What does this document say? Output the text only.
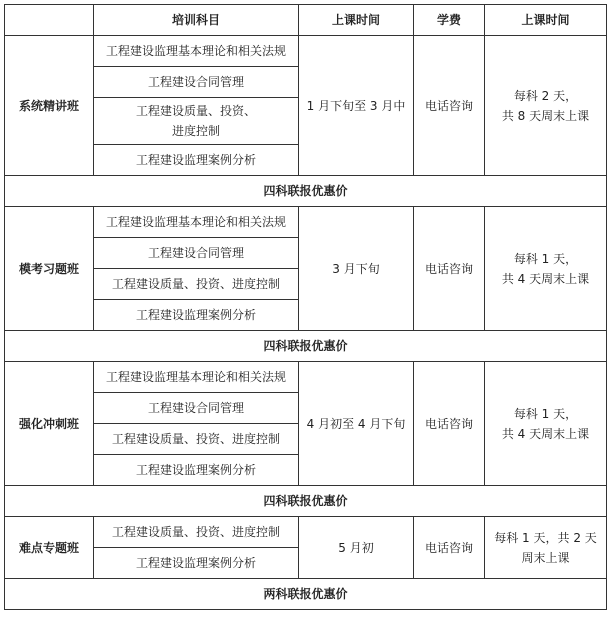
	培训科目	上课时间	学费	上课时间
系统精讲班	工程建设监理基本理论和相关法规	1 月下旬至 3 月中	电话咨询	每科 2 天，
共 8 天周末上课
	工程建设合同管理			
	工程建设质量、投资、
进度控制			
	工程建设监理案例分析			
四科联报优惠价				
模考习题班	工程建设监理基本理论和相关法规	3 月下旬	电话咨询	每科 1 天，
共 4 天周末上课
	工程建设合同管理			
	工程建设质量、投资、进度控制			
	工程建设监理案例分析			
四科联报优惠价				
强化冲刺班	工程建设监理基本理论和相关法规	4 月初至 4 月下旬	电话咨询	每科 1 天，
共 4 天周末上课
	工程建设合同管理			
	工程建设质量、投资、进度控制			
	工程建设监理案例分析			
四科联报优惠价				
难点专题班	工程建设质量、投资、进度控制	5 月初	电话咨询	每科 1 天，共 2 天
周末上课
	工程建设监理案例分析			
两科联报优惠价				
